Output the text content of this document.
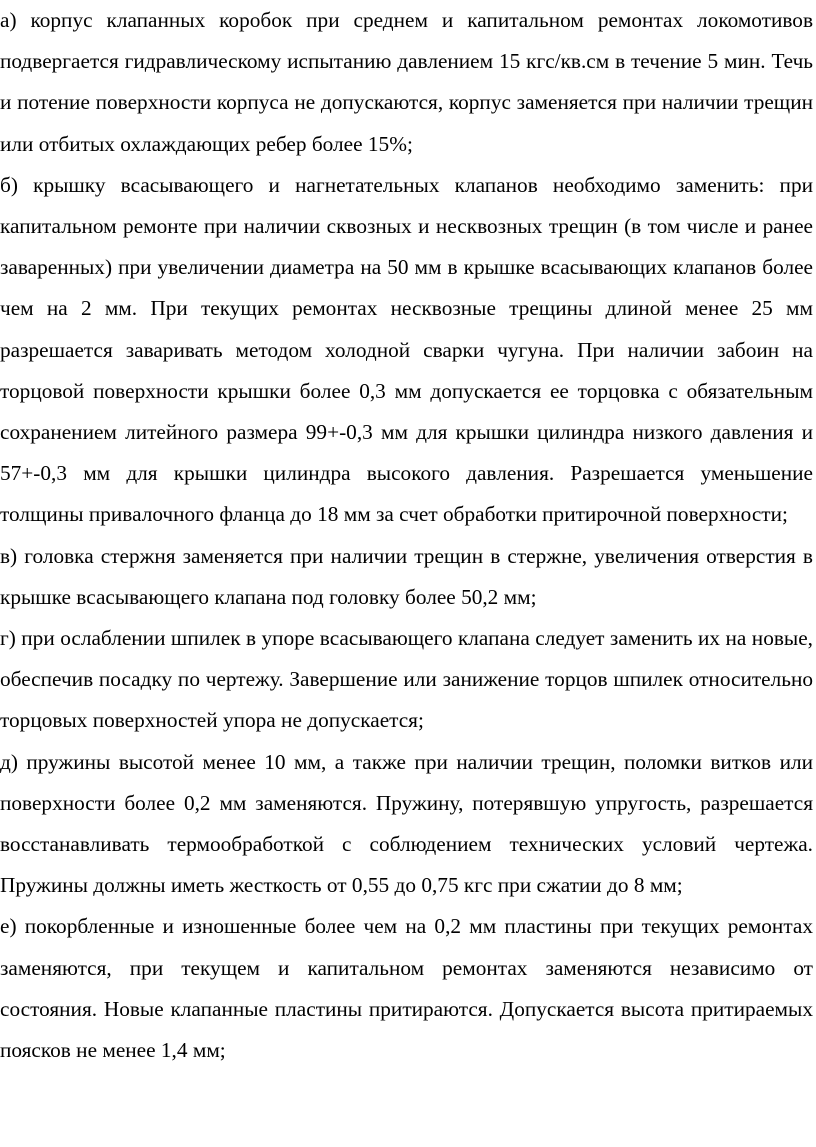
а) корпус клапанных коробок при среднем и капитальном ремонтах локомотивов подвергается гидравлическому испытанию давлением 15 кгс/кв.см в течение 5 мин. Течь и потение поверхности корпуса не допускаются, корпус заменяется при наличии трещин или отбитых охлаждающих ребер более 15%;

б) крышку всасывающего и нагнетательных клапанов необходимо заменить: при капитальном ремонте при наличии сквозных и несквозных трещин (в том числе и ранее заваренных) при увеличении диаметра на 50 мм в крышке всасывающих клапанов более чем на 2 мм. При текущих ремонтах несквозные трещины длиной менее 25 мм разрешается заваривать методом холодной сварки чугуна. При наличии забоин на торцовой поверхности крышки более 0,3 мм допускается ее торцовка с обязательным сохранением литейного размера 99+-0,3 мм для крышки цилиндра низкого давления и 57+-0,3 мм для крышки цилиндра высокого давления. Разрешается уменьшение толщины привалочного фланца до 18 мм за счет обработки притирочной поверхности;

в) головка стержня заменяется при наличии трещин в стержне, увеличения отверстия в крышке всасывающего клапана под головку более 50,2 мм;

г) при ослаблении шпилек в упоре всасывающего клапана следует заменить их на новые, обеспечив посадку по чертежу. Завершение или занижение торцов шпилек относительно торцовых поверхностей упора не допускается;

д) пружины высотой менее 10 мм, а также при наличии трещин, поломки витков или поверхности более 0,2 мм заменяются. Пружину, потерявшую упругость, разрешается восстанавливать термообработкой с соблюдением технических условий чертежа. Пружины должны иметь жесткость от 0,55 до 0,75 кгс при сжатии до 8 мм;

е) покорбленные и изношенные более чем на 0,2 мм пластины при текущих ремонтах заменяются, при текущем и капитальном ремонтах заменяются независимо от состояния. Новые клапанные пластины притираются. Допускается высота притираемых поясков не менее 1,4 мм;
